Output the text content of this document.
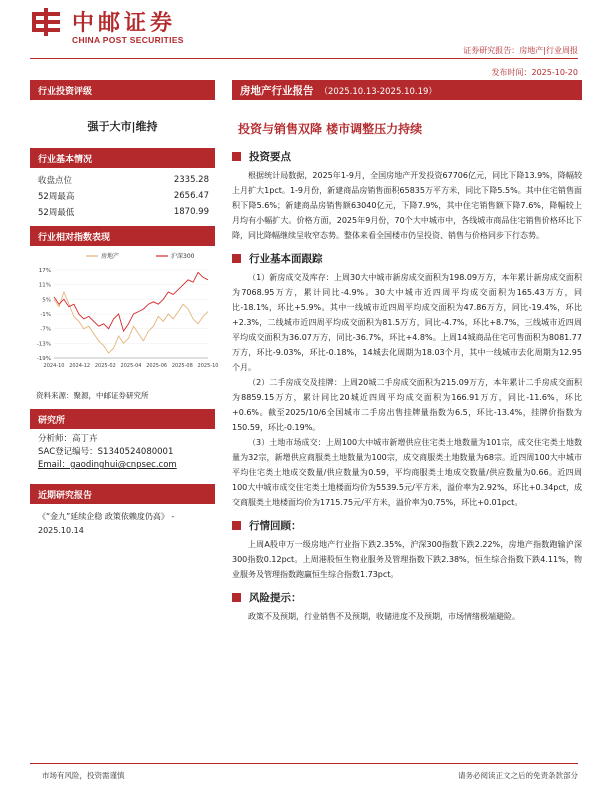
中邮证券
CHINA POST SECURITIES
证券研究报告：房地产|行业周报
发布时间：2025-10-20
行业投资评级
强于大市|维持
行业基本情况
收盘点位	2335.28
52周最高	2656.47
52周最低	1870.99
行业相对指数表现
17%
11%
5%
-1%
-7%
-13%
-19%
2024-10 2024-12 2025-02 2025-04 2025-06 2025-08 2025-10
房地产	沪深300
资料来源：聚源，中邮证券研究所
研究所
分析师：高丁卉
SAC登记编号：S1340524080001
Email：gaodinghui@cnpsec.com
近期研究报告
《“金九”延续企稳 政策依赖度仍高》 - 2025.10.14
房地产行业报告 （2025.10.13-2025.10.19）
投资与销售双降 楼市调整压力持续
投资要点

根据统计局数据，2025年1-9月，全国房地产开发投资67706亿元，同比下降13.9%，降幅较上月扩大1pct。1-9月份，新建商品房销售面积65835万平方米，同比下降5.5%。其中住宅销售面积下降5.6%；新建商品房销售额63040亿元，下降7.9%，其中住宅销售额下降7.6%，降幅较上月均有小幅扩大。价格方面，2025年9月份，70个大中城市中，各线城市商品住宅销售价格环比下降，同比降幅继续呈收窄态势。整体来看全国楼市仍呈投资、销售与价格同步下行态势。

行业基本面跟踪

（1）新房成交及库存：上周30大中城市新房成交面积为198.09万方，本年累计新房成交面积为7068.95万方，累计同比-4.9%。30大中城市近四周平均成交面积为165.43万方，同比-18.1%，环比+5.9%。其中一线城市近四周平均成交面积为47.86万方，同比-19.4%，环比+2.3%，二线城市近四周平均成交面积为81.5万方，同比-4.7%，环比+8.7%，三线城市近四周平均成交面积为36.07万方，同比-36.7%，环比+4.8%。上周14城商品住宅可售面积为8081.77万方，环比-9.03%，环比-0.18%，14城去化周期为18.03个月，其中一线城市去化周期为12.95个月。

（2）二手房成交及挂牌：上周20城二手房成交面积为215.09万方，本年累计二手房成交面积为8859.15万方，累计同比20城近四周平均成交面积为166.91万方，同比-11.6%，环比+0.6%。截至2025/10/6全国城市二手房出售挂牌量指数为6.5，环比-13.4%，挂牌价指数为150.59，环比-0.19%。

（3）土地市场成交：上周100大中城市新增供应住宅类土地数量为101宗，成交住宅类土地数量为32宗，新增供应商服类土地数量为100宗，成交商服类土地数量为68宗。近四周100大中城市平均住宅类土地成交数量/供应数量为0.59，平均商服类土地成交数量/供应数量为0.66。近四周100大中城市成交住宅类土地楼面均价为5539.5元/平方米，溢价率为2.92%，环比+0.34pct，成交商服类土地楼面均价为1715.75元/平方米，溢价率为0.75%，环比+0.01pct。

行情回顾：

上周A股申万一级房地产行业指下跌2.35%，沪深300指数下跌2.22%，房地产指数跑输沪深300指数0.12pct。上周港股恒生物业服务及管理指数下跌2.38%，恒生综合指数下跌4.11%，物业服务及管理指数跑赢恒生综合指数1.73pct。

风险提示：

政策不及预期，行业销售不及预期，收储进度不及预期，市场情绪极端避险。

市场有风险，投资需谨慎	请务必阅读正文之后的免责条款部分
